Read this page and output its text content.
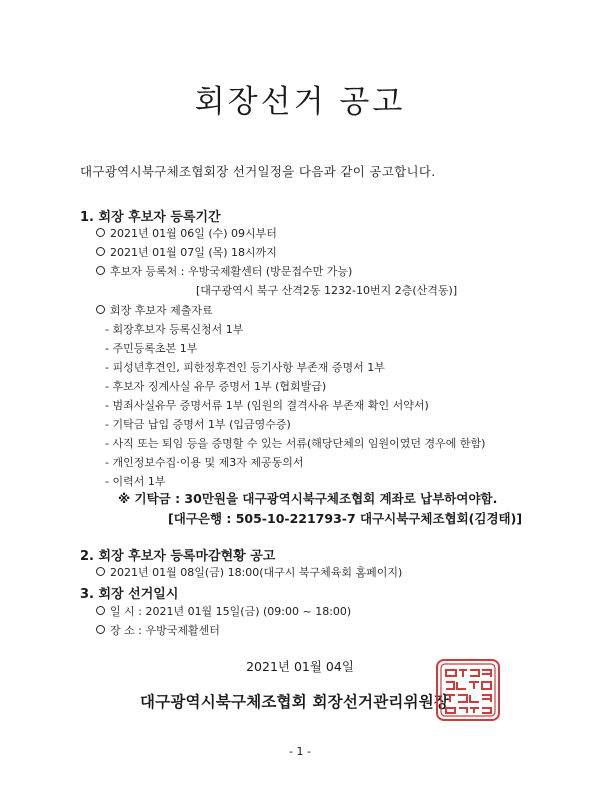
회장선거 공고
대구광역시북구체조협회장 선거일정을 다음과 같이 공고합니다.
1. 회장 후보자 등록기간
2021년 01월 06일 (수) 09시부터
2021년 01월 07일 (목) 18시까지
후보자 등록처 : 우방국제활센터 (방문접수만 가능)
[대구광역시 북구 산격2동 1232-10번지 2층(산격동)]
회장 후보자 제출자료
- 회장후보자 등록신청서 1부
- 주민등록초본 1부
- 피성년후견인, 피한정후견인 등기사항 부존재 증명서 1부
- 후보자 징계사실 유무 증명서 1부 (협회발급)
- 범죄사실유무 증명서류 1부 (임원의 결격사유 부존재 확인 서약서)
- 기탁금 납입 증명서 1부 (입금영수증)
- 사직 또는 퇴임 등을 증명할 수 있는 서류(해당단체의 임원이였던 경우에 한함)
- 개인정보수집·이용 및 제3자 제공동의서
- 이력서 1부
※ 기탁금 : 30만원을 대구광역시북구체조협회 계좌로 납부하여야함.
[대구은행 : 505-10-221793-7 대구시북구체조협회(김경태)]
2. 회장 후보자 등록마감현황 공고
2021년 01월 08일(금) 18:00(대구시 북구체육회 홈페이지)
3. 회장 선거일시
일 시 : 2021년 01월 15일(금) (09:00 ~ 18:00)
장 소 : 우방국제활센터
2021년 01월 04일
대구광역시북구체조협회 회장선거관리위원장
- 1 -
